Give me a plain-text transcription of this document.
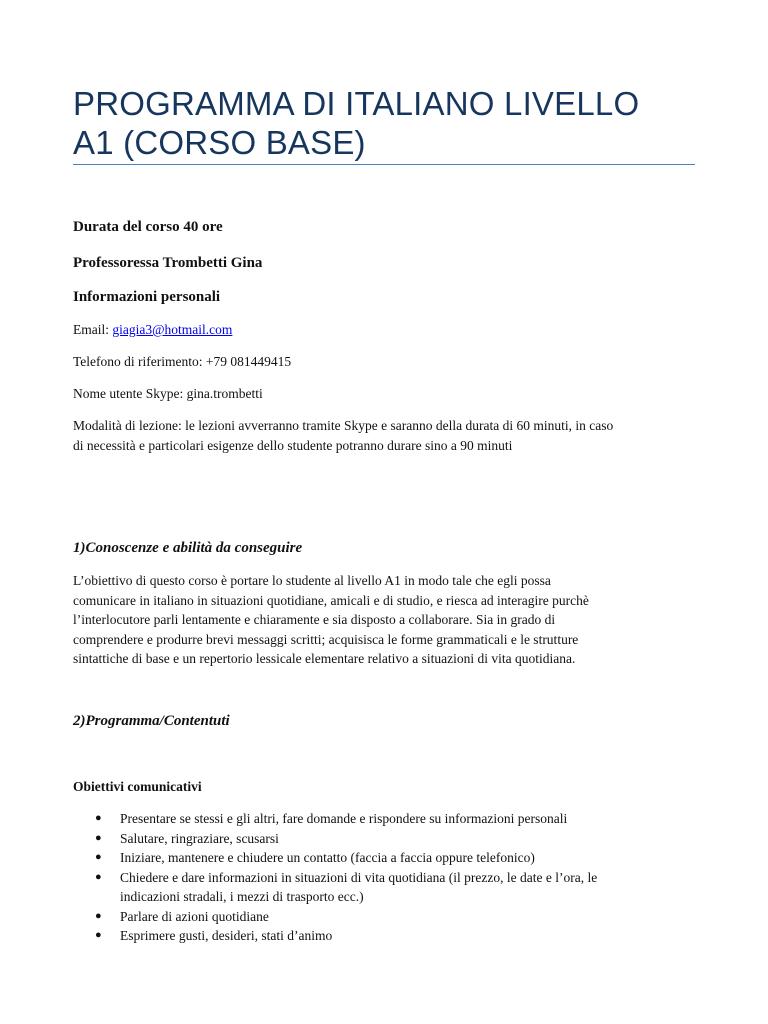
PROGRAMMA DI ITALIANO LIVELLO
A1 (CORSO BASE)

Durata del corso 40 ore

Professoressa Trombetti Gina

Informazioni personali

Email: giagia3@hotmail.com

Telefono di riferimento: +79 081449415

Nome utente Skype: gina.trombetti

Modalità di lezione: le lezioni avverranno tramite Skype e saranno della durata di 60 minuti, in caso
di necessità e particolari esigenze dello studente potranno durare sino a 90 minuti

1)Conoscenze e abilità da conseguire

L’obiettivo di questo corso è portare lo studente al livello A1 in modo tale che egli possa
comunicare in italiano in situazioni quotidiane, amicali e di studio, e riesca ad interagire purchè
l’interlocutore parli lentamente e chiaramente e sia disposto a collaborare. Sia in grado di
comprendere e produrre brevi messaggi scritti; acquisisca le forme grammaticali e le strutture
sintattiche di base e un repertorio lessicale elementare relativo a situazioni di vita quotidiana.

2)Programma/Contentuti

Obiettivi comunicativi

● Presentare se stessi e gli altri, fare domande e rispondere su informazioni personali
● Salutare, ringraziare, scusarsi
● Iniziare, mantenere e chiudere un contatto (faccia a faccia oppure telefonico)
● Chiedere e dare informazioni in situazioni di vita quotidiana (il prezzo, le date e l’ora, le
indicazioni stradali, i mezzi di trasporto ecc.)
● Parlare di azioni quotidiane
● Esprimere gusti, desideri, stati d’animo
